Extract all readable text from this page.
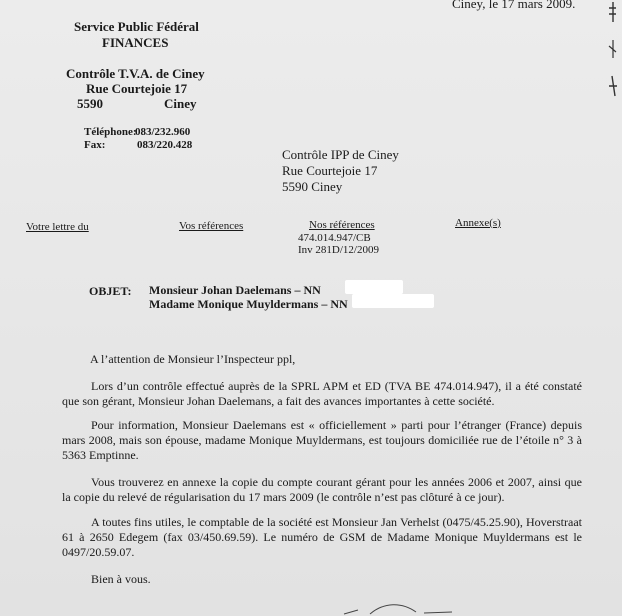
Ciney, le 17 mars 2009.
Service Public Fédéral
FINANCES
Contrôle T.V.A. de Ciney
Rue Courtejoie 17
5590	Ciney
Téléphone:
083/232.960
Fax:	083/220.428
Contrôle IPP de Ciney
Rue Courtejoie 17
5590 Ciney
Votre lettre du	Vos références	Nos références	Annexe(s)
474.014.947/CB
Inv 281D/12/2009
OBJET: Monsieur Johan Daelemans – NN
Madame Monique Muyldermans – NN
A l’attention de Monsieur l’Inspecteur ppl,
Lors d’un contrôle effectué auprès de la SPRL APM et ED (TVA BE 474.014.947), il a été constaté que son gérant, Monsieur Johan Daelemans, a fait des avances importantes à cette société.
Pour information, Monsieur Daelemans est « officiellement » parti pour l’étranger (France) depuis mars 2008, mais son épouse, madame Monique Muyldermans, est toujours domiciliée rue de l’étoile n° 3 à 5363 Emptinne.
Vous trouverez en annexe la copie du compte courant gérant pour les années 2006 et 2007, ainsi que la copie du relevé de régularisation du 17 mars 2009 (le contrôle n’est pas clôturé à ce jour).
A toutes fins utiles, le comptable de la société est Monsieur Jan Verhelst (0475/45.25.90), Hoverstraat 61 à 2650 Edegem (fax 03/450.69.59). Le numéro de GSM de Madame Monique Muyldermans est le 0497/20.59.07.
Bien à vous.
